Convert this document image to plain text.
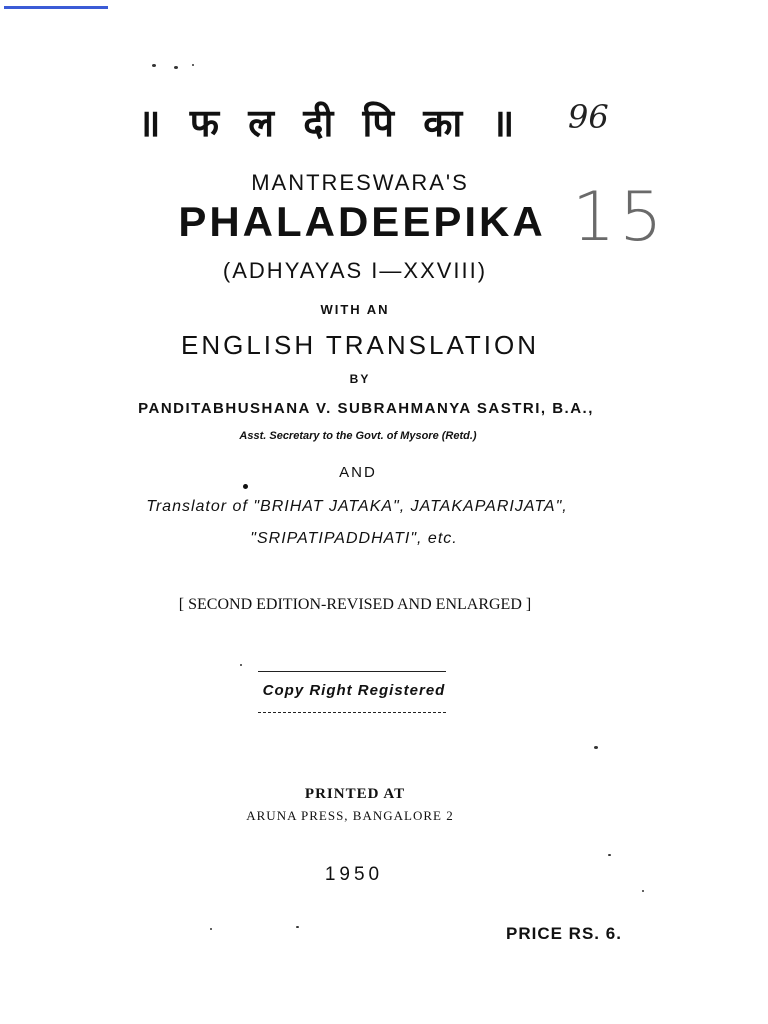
॥ फ ल दी पि का ॥	96
15
MANTRESWARA'S
PHALADEEPIKA
(ADHYAYAS I—XXVIII)
WITH AN
ENGLISH TRANSLATION
BY
PANDITABHUSHANA V. SUBRAHMANYA SASTRI, B.A.,
Asst. Secretary to the Govt. of Mysore (Retd.)
AND
Translator of "BRIHAT JATAKA", JATAKAPARIJATA",
"SRIPATIPADDHATI", etc.
[ SECOND EDITION-REVISED AND ENLARGED ]
Copy Right Registered
PRINTED AT
ARUNA PRESS, BANGALORE 2
1950
PRICE RS. 6.
